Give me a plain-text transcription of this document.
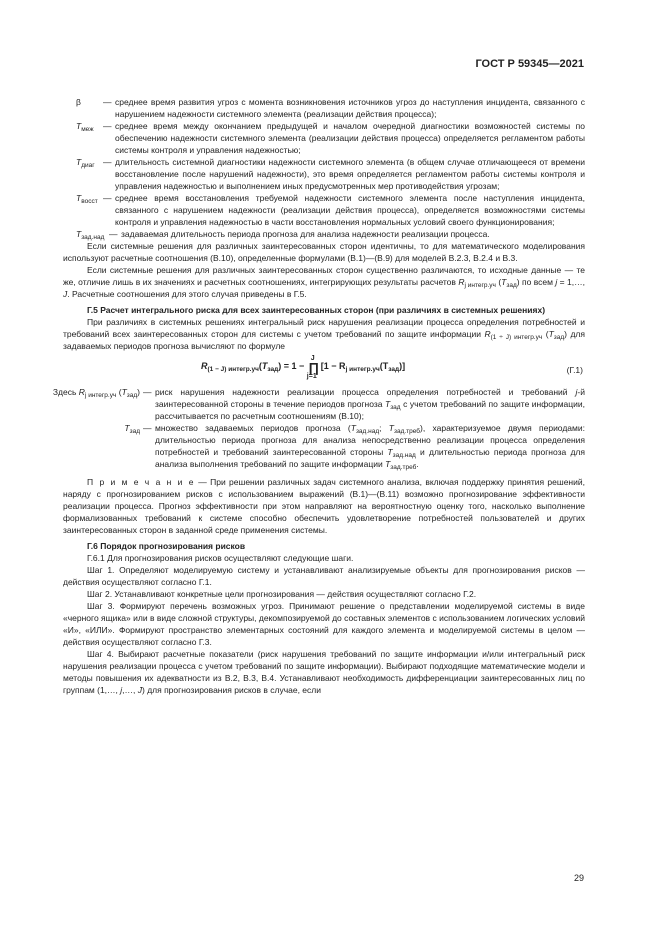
ГОСТ Р 59345—2021
β	— среднее время развития угроз с момента возникновения источников угроз до наступления инцидента, связанного с нарушением надежности системного элемента (реализации действия процесса);
$T_{меж}$	— среднее время между окончанием предыдущей и началом очередной диагностики возможностей системы по обеспечению надежности системного элемента (реализации действия процесса) определяется регламентом работы системы контроля и управления надежностью;
$T_{диаг}$ — длительность системной диагностики надежности системного элемента (в общем случае отличающееся от времени восстановление после нарушений надежности), это время определяется регламентом работы системы контроля и управления надежностью и выполнением иных предусмотренных мер противодействия угрозам;
$T_{восст}$ — среднее время восстановления требуемой надежности системного элемента после наступления инцидента, связанного с нарушением надежности (реализации действия процесса), определяется возможностями системы контроля и управления надежностью в части восстановления нормальных условий своего функционирования;
$T_{зад.над}$ — задаваемая длительность периода прогноза для анализа надежности реализации процесса.

Если системные решения для различных заинтересованных сторон идентичны, то для математического моделирования используют расчетные соотношения (В.10), определенные формулами (В.1)—(В.9) для моделей В.2.3, В.2.4 и В.3.

Если системные решения для различных заинтересованных сторон существенно различаются, то исходные данные — те же, отличие лишь в их значениях и расчетных соотношениях, интегрирующих результаты расчетов $R_{j интегр.уч}$ $(T_{зад})$ по всем j = 1,…, J. Расчетные соотношения для этого случая приведены в Г.5.

Г.5 Расчет интегрального риска для всех заинтересованных сторон (при различиях в системных решениях)

При различиях в системных решениях интегральный риск нарушения реализации процесса определения потребностей и требований всех заинтересованных сторон для системы с учетом требований по защите информации $R_{(1 \div J) интегр.уч}$ $(T_{зад})$ для задаваемых периодов прогноза вычисляют по формуле

$R_{(1 - J) интегр.уч}(T_{зад}) = 1$ − ∏
J
j=1
$[1 - R_{j интегр.уч}(T_{зад})]$	(Г.1)
Здесь $R_{j интегр.уч}$ $(T_{зад})$ — риск нарушения надежности реализации процесса определения потребностей и требований j-й заинтересованной стороны в течение периодов прогноза $T_{зад}$ с учетом требований по защите информации, рассчитывается по расчетным соотношениям (В.10);
$T_{зад}$ — множество задаваемых периодов прогноза ($T_{зад.над}$; $T_{зад.треб}$), характеризуемое двумя периодами: длительностью периода прогноза для анализа непосредственно реализации процесса определения потребностей и требований заинтересованной стороны $T_{зад.над}$ и длительностью периода прогноза для анализа выполнения требований по защите информации $T_{зад.треб}$.

П р и м е ч а н и е — При решении различных задач системного анализа, включая поддержку принятия решений, наряду с прогнозированием рисков с использованием выражений (В.1)—(В.11) возможно прогнозирование эффективности реализации процесса. Прогноз эффективности при этом направляют на вероятностную оценку того, насколько выполнение формализованных требований к системе способно обеспечить удовлетворение потребностей пользователей и других заинтересованных сторон в заданной среде применения системы.

Г.6 Порядок прогнозирования рисков

Г.6.1 Для прогнозирования рисков осуществляют следующие шаги.

Шаг 1. Определяют моделируемую систему и устанавливают анализируемые объекты для прогнозирования рисков — действия осуществляют согласно Г.1.

Шаг 2. Устанавливают конкретные цели прогнозирования — действия осуществляют согласно Г.2.

Шаг 3. Формируют перечень возможных угроз. Принимают решение о представлении моделируемой системы в виде «черного ящика» или в виде сложной структуры, декомпозируемой до составных элементов с использованием логических условий «И», «ИЛИ». Формируют пространство элементарных состояний для каждого элемента и моделируемой системы в целом — действия осуществляют согласно Г.3.

Шаг 4. Выбирают расчетные показатели (риск нарушения требований по защите информации и/или интегральный риск нарушения реализации процесса с учетом требований по защите информации). Выбирают подходящие математические модели и методы повышения их адекватности из В.2, В.3, В.4. Устанавливают необходимость дифференциации заинтересованных лиц по группам (1,…, j,…, J) для прогнозирования рисков в случае, если

29
